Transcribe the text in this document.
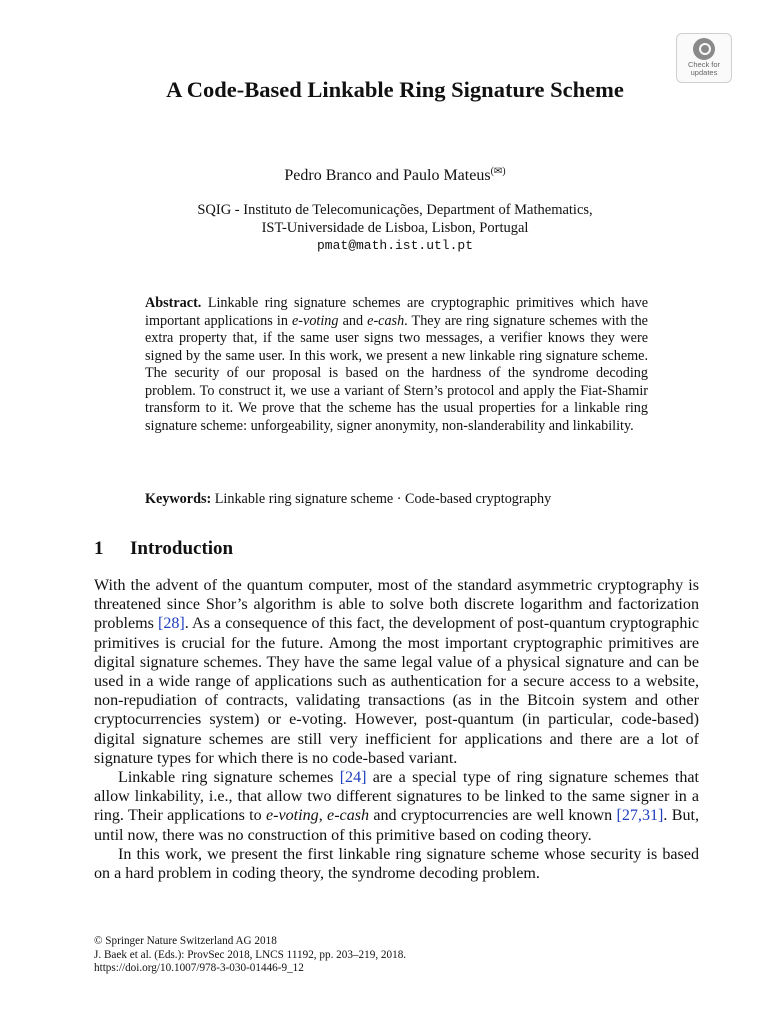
Check for
updates
A Code-Based Linkable Ring Signature Scheme
Pedro Branco and Paulo Mateus(✉)
SQIG - Instituto de Telecomunicações, Department of Mathematics,
IST-Universidade de Lisboa, Lisbon, Portugal
pmat@math.ist.utl.pt
Abstract. Linkable ring signature schemes are cryptographic primitives which have important applications in e-voting and e-cash. They are ring signature schemes with the extra property that, if the same user signs two messages, a verifier knows they were signed by the same user. In this work, we present a new linkable ring signature scheme. The security of our proposal is based on the hardness of the syndrome decoding problem. To construct it, we use a variant of Stern’s protocol and apply the Fiat-Shamir transform to it. We prove that the scheme has the usual properties for a linkable ring signature scheme: unforgeability, signer anonymity, non-slanderability and linkability.
Keywords: Linkable ring signature scheme · Code-based cryptography
1 Introduction

With the advent of the quantum computer, most of the standard asymmetric cryptography is threatened since Shor’s algorithm is able to solve both discrete logarithm and factorization problems [28]. As a consequence of this fact, the development of post-quantum cryptographic primitives is crucial for the future. Among the most important cryptographic primitives are digital signature schemes. They have the same legal value of a physical signature and can be used in a wide range of applications such as authentication for a secure access to a website, non-repudiation of contracts, validating transactions (as in the Bitcoin system and other cryptocurrencies system) or e-voting. However, post-quantum (in particular, code-based) digital signature schemes are still very inefficient for applications and there are a lot of signature types for which there is no code-based variant.

Linkable ring signature schemes [24] are a special type of ring signature schemes that allow linkability, i.e., that allow two different signatures to be linked to the same signer in a ring. Their applications to e-voting, e-cash and cryptocurrencies are well known [27,31]. But, until now, there was no construction of this primitive based on coding theory.

In this work, we present the first linkable ring signature scheme whose security is based on a hard problem in coding theory, the syndrome decoding problem.

© Springer Nature Switzerland AG 2018
J. Baek et al. (Eds.): ProvSec 2018, LNCS 11192, pp. 203–219, 2018.
https://doi.org/10.1007/978-3-030-01446-9_12
